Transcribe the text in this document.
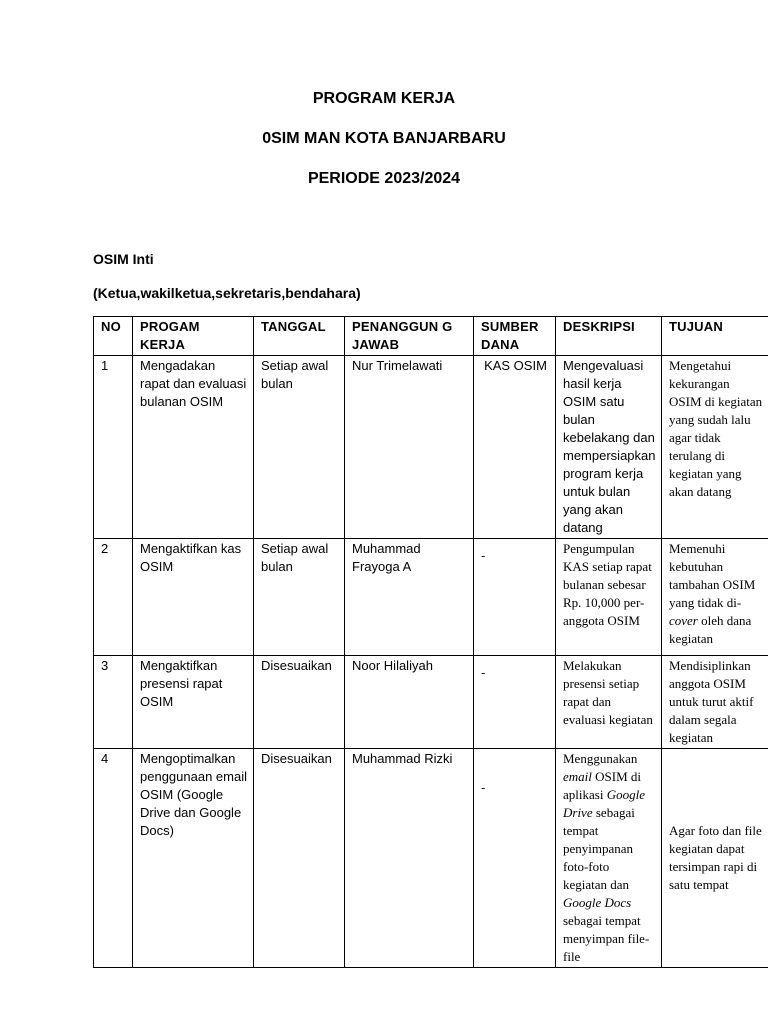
PROGRAM KERJA
0SIM MAN KOTA BANJARBARU
PERIODE 2023/2024
OSIM Inti
(Ketua,wakilketua,sekretaris,bendahara)
NO	PROGAM KERJA	TANGGAL	PENANGGUN G JAWAB	SUMBER DANA	DESKRIPSI	TUJUAN
1	Mengadakan rapat dan evaluasi bulanan OSIM	Setiap awal bulan	Nur Trimelawati	KAS OSIM	Mengevaluasi hasil kerja OSIM satu bulan kebelakang dan mempersiapkan program kerja untuk bulan yang akan datang	Mengetahui kekurangan OSIM di kegiatan yang sudah lalu agar tidak terulang di kegiatan yang akan datang
2	Mengaktifkan kas OSIM	Setiap awal bulan	Muhammad Frayoga A	-	Pengumpulan KAS setiap rapat bulanan sebesar Rp. 10,000 per-anggota OSIM	Memenuhi kebutuhan tambahan OSIM yang tidak di-cover oleh dana kegiatan
3	Mengaktifkan presensi rapat OSIM	Disesuaikan	Noor Hilaliyah	-	Melakukan presensi setiap rapat dan evaluasi kegiatan	Mendisiplinkan anggota OSIM untuk turut aktif dalam segala kegiatan
4	Mengoptimalkan penggunaan email OSIM (Google Drive dan Google Docs)	Disesuaikan	Muhammad Rizki	-	Menggunakan email OSIM di aplikasi Google Drive sebagai tempat penyimpanan foto-foto kegiatan dan Google Docs sebagai tempat menyimpan file-file	Agar foto dan file kegiatan dapat tersimpan rapi di satu tempat
